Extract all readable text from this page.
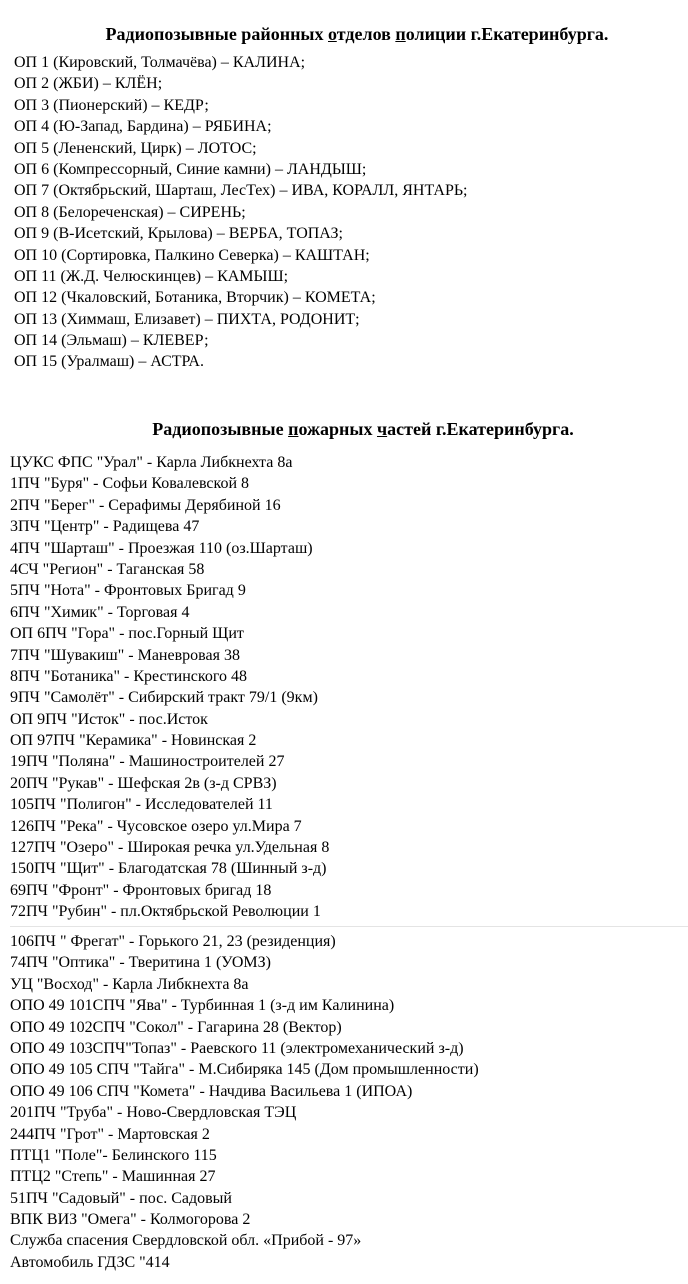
Радиопозывные районных отделов полиции г.Екатеринбурга.
ОП 1 (Кировский, Толмачёва) – КАЛИНА;
ОП 2 (ЖБИ) – КЛЁН;
ОП 3 (Пионерский) – КЕДР;
ОП 4 (Ю-Запад, Бардина) – РЯБИНА;
ОП 5 (Лененский, Цирк) – ЛОТОС;
ОП 6 (Компрессорный, Синие камни) – ЛАНДЫШ;
ОП 7 (Октябрьский, Шарташ, ЛесТех) – ИВА, КОРАЛЛ, ЯНТАРЬ;
ОП 8 (Белореченская) – СИРЕНЬ;
ОП 9 (В-Исетский, Крылова) – ВЕРБА, ТОПАЗ;
ОП 10 (Сортировка, Палкино Северка) – КАШТАН;
ОП 11 (Ж.Д. Челюскинцев) – КАМЫШ;
ОП 12 (Чкаловский, Ботаника, Вторчик) – КОМЕТА;
ОП 13 (Химмаш, Елизавет) – ПИХТА, РОДОНИТ;
ОП 14 (Эльмаш) – КЛЕВЕР;
ОП 15 (Уралмаш) – АСТРА.
Радиопозывные пожарных частей г.Екатеринбурга.
ЦУКС ФПС "Урал" - Карла Либкнехта 8а
1ПЧ "Буря" - Софьи Ковалевской 8
2ПЧ "Берег" - Серафимы Дерябиной 16
3ПЧ "Центр" - Радищева 47
4ПЧ "Шарташ" - Проезжая 110 (оз.Шарташ)
4СЧ "Регион" - Таганская 58
5ПЧ "Нота" - Фронтовых Бригад 9
6ПЧ "Химик" - Торговая 4
ОП 6ПЧ "Гора" - пос.Горный Щит
7ПЧ "Шувакиш" - Маневровая 38
8ПЧ "Ботаника" - Крестинского 48
9ПЧ "Самолёт" - Сибирский тракт 79/1 (9км)
ОП 9ПЧ "Исток" - пос.Исток
ОП 97ПЧ "Керамика" - Новинская 2
19ПЧ "Поляна" - Машиностроителей 27
20ПЧ "Рукав" - Шефская 2в (з-д СРВЗ)
105ПЧ "Полигон" - Исследователей 11
126ПЧ "Река" - Чусовское озеро ул.Мира 7
127ПЧ "Озеро" - Широкая речка ул.Удельная 8
150ПЧ "Щит" - Благодатская 78 (Шинный з-д)
69ПЧ "Фронт" - Фронтовых бригад 18
72ПЧ "Рубин" - пл.Октябрьской Революции 1
106ПЧ " Фрегат" - Горького 21, 23 (резиденция)
74ПЧ "Оптика" - Тверитина 1 (УОМЗ)
УЦ "Восход" - Карла Либкнехта 8а
ОПО 49 101СПЧ "Ява" - Турбинная 1 (з-д им Калинина)
ОПО 49 102СПЧ "Сокол" - Гагарина 28 (Вектор)
ОПО 49 103СПЧ"Топаз" - Раевского 11 (электромеханический з-д)
ОПО 49 105 СПЧ "Тайга" - М.Сибиряка 145 (Дом промышленности)
ОПО 49 106 СПЧ "Комета" - Начдива Васильева 1 (ИПОА)
201ПЧ "Труба" - Ново-Свердловская ТЭЦ
244ПЧ "Грот" - Мартовская 2
ПТЦ1 "Поле"- Белинского 115
ПТЦ2 "Степь" - Машинная 27
51ПЧ "Садовый" - пос. Садовый
ВПК ВИЗ "Омега" - Колмогорова 2
Служба спасения Свердловской обл. «Прибой - 97»
Автомобиль ГДЗС "414
